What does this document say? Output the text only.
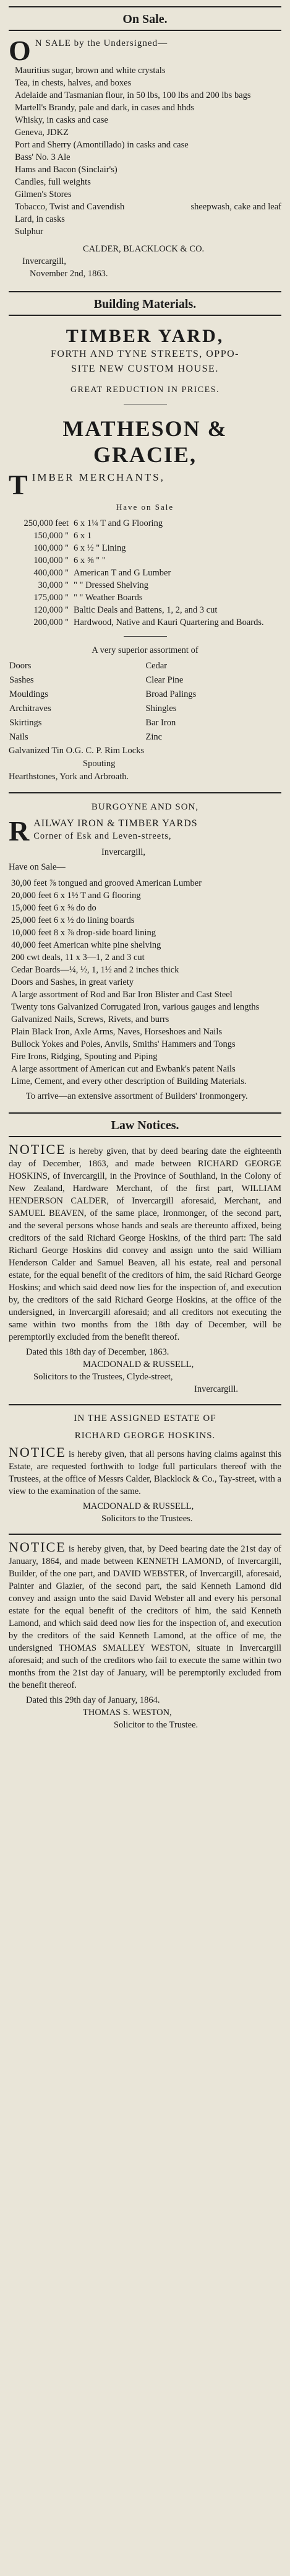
On Sale.

O N SALE by the Undersigned—

Mauritius sugar, brown and white crystals
Tea, in chests, halves, and boxes
Adelaide and Tasmanian flour, in 50 lbs, 100 lbs and 200 lbs bags
Martell's Brandy, pale and dark, in cases and hhds
Whisky, in casks and case
Geneva, JDKZ
Port and Sherry (Amontillado) in casks and case
Bass' No. 3 Ale
Hams and Bacon (Sinclair's)
Candles, full weights
Gilmen's Stores
Tobacco, Twist and Cavendish	sheepwash, cake and leaf
Lard, in casks
Sulphur

CALDER, BLACKLOCK & CO.

Invercargill,

November 2nd, 1863.

Building Materials.
TIMBER YARD,
FORTH AND TYNE STREETS, OPPO-
SITE NEW CUSTOM HOUSE.
GREAT REDUCTION IN PRICES.
MATHESON & GRACIE,

TIMBER MERCHANTS,

Have on Sale
250,000 feet	6 x 1¼ T and G Flooring
150,000 "	6 x 1
100,000 "	6 x ½ " Lining
100,000 "	6 x ⅝ " "
400,000 "	American T and G Lumber
30,000 "	" " Dressed Shelving
175,000 "	" " Weather Boards
120,000 "	Baltic Deals and Battens, 1, 2, and 3 cut
200,000 "	Hardwood, Native and Kauri Quartering and Boards.

A very superior assortment of

Doors	Cedar
Sashes	Clear Pine
Mouldings	Broad Palings
Architraves	Shingles
Skirtings	Bar Iron
Nails	Zinc

Galvanized Tin O.G. C. P. Rim Locks

Spouting

Hearthstones, York and Arbroath.

BURGOYNE AND SON,

RAILWAY IRON & TIMBER YARDS

Corner of Esk and Leven-streets,

Invercargill,

Have on Sale—

30,00 feet ⅞ tongued and grooved American Lumber
20,000 feet 6 x 1½ T and G flooring
15,000 feet 6 x ⅝ do do
25,000 feet 6 x ½ do lining boards
10,000 feet 8 x ⅞ drop-side board lining
40,000 feet American white pine shelving
200 cwt deals, 11 x 3—1, 2 and 3 cut
Cedar Boards—¼, ½, 1, 1½ and 2 inches thick
Doors and Sashes, in great variety
A large assortment of Rod and Bar Iron Blister and Cast Steel
Twenty tons Galvanized Corrugated Iron, various gauges and lengths
Galvanized Nails, Screws, Rivets, and burrs
Plain Black Iron, Axle Arms, Naves, Horseshoes and Nails
Bullock Yokes and Poles, Anvils, Smiths' Hammers and Tongs
Fire Irons, Ridging, Spouting and Piping
A large assortment of American cut and Ewbank's patent Nails
Lime, Cement, and every other description of Building Materials.

To arrive—an extensive assortment of Builders' Ironmongery.

Law Notices.

NOTICE is hereby given, that by deed bearing date the eighteenth day of December, 1863, and made between RICHARD GEORGE HOSKINS, of Invercargill, in the Province of Southland, in the Colony of New Zealand, Hardware Merchant, of the first part, WILLIAM HENDERSON CALDER, of Invercargill aforesaid, Merchant, and SAMUEL BEAVEN, of the same place, Ironmonger, of the second part, and the several persons whose hands and seals are thereunto affixed, being creditors of the said Richard George Hoskins, of the third part: The said Richard George Hoskins did convey and assign unto the said William Henderson Calder and Samuel Beaven, all his estate, real and personal estate, for the equal benefit of the creditors of him, the said Richard George Hoskins; and which said deed now lies for the inspection of, and execution by, the creditors of the said Richard George Hoskins, at the office of the undersigned, in Invercargill aforesaid; and all creditors not executing the same within two months from the 18th day of December, will be peremptorily excluded from the benefit thereof.

Dated this 18th day of December, 1863.

MACDONALD & RUSSELL,

Solicitors to the Trustees, Clyde-street,

Invercargill.

IN THE ASSIGNED ESTATE OF
RICHARD GEORGE HOSKINS.

NOTICE is hereby given, that all persons having claims against this Estate, are requested forthwith to lodge full particulars thereof with the Trustees, at the office of Messrs Calder, Blacklock & Co., Tay-street, with a view to the examination of the same.

MACDONALD & RUSSELL,

Solicitors to the Trustees.

NOTICE is hereby given, that, by Deed bearing date the 21st day of January, 1864, and made between KENNETH LAMOND, of Invercargill, Builder, of the one part, and DAVID WEBSTER, of Invercargill, aforesaid, Painter and Glazier, of the second part, the said Kenneth Lamond did convey and assign unto the said David Webster all and every his personal estate for the equal benefit of the creditors of him, the said Kenneth Lamond, and which said deed now lies for the inspection of, and execution by the creditors of the said Kenneth Lamond, at the office of me, the undersigned THOMAS SMALLEY WESTON, situate in Invercargill aforesaid; and such of the creditors who fail to execute the same within two months from the 21st day of January, will be peremptorily excluded from the benefit thereof.

Dated this 29th day of January, 1864.

THOMAS S. WESTON,

Solicitor to the Trustee.
